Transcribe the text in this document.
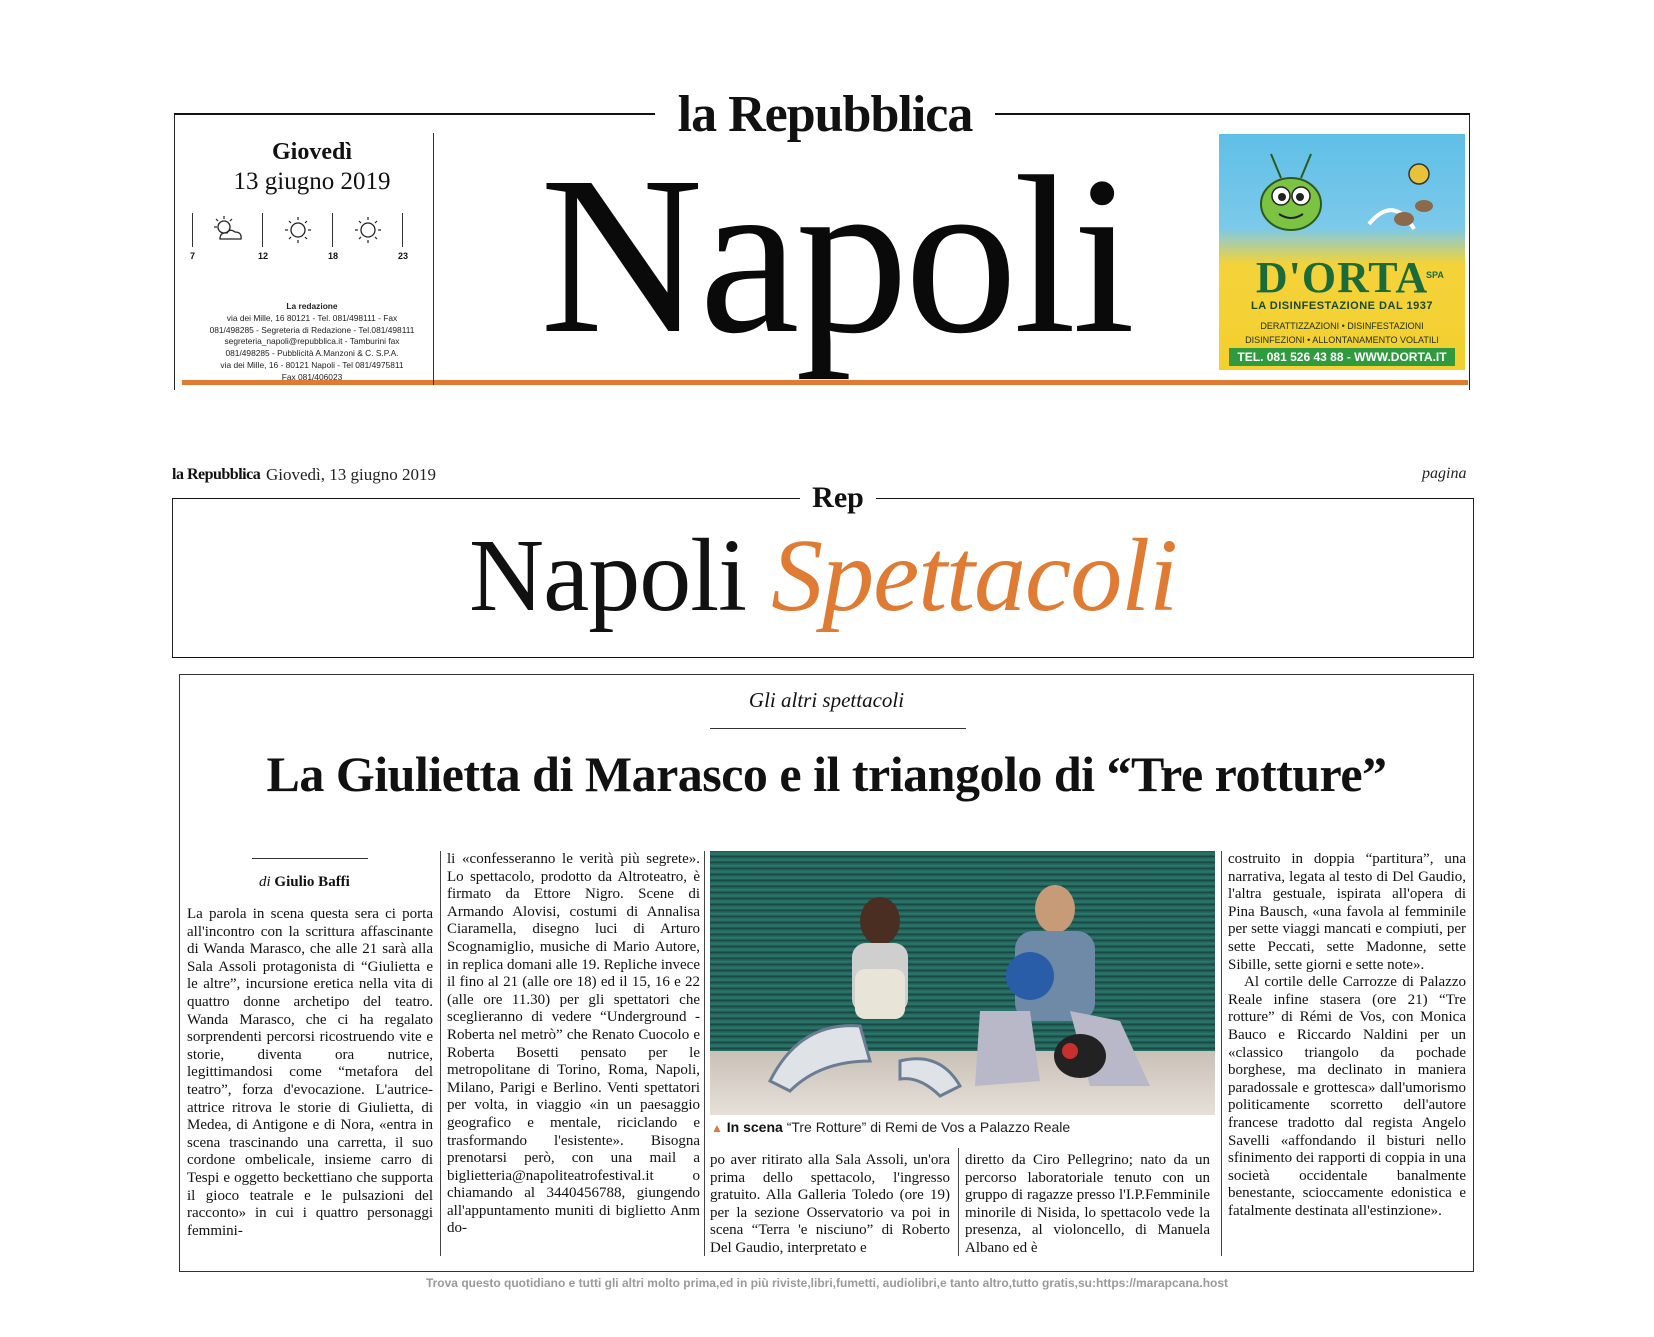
la Repubblica
Napoli
Giovedì
13 giugno 2019
7	12	18	23
La redazione
via dei Mille, 16 80121 - Tel. 081/498111 - Fax
081/498285 - Segreteria di Redazione - Tel.081/498111
segreteria_napoli@repubblica.it - Tamburini fax
081/498285 - Pubblicità A.Manzoni & C. S.P.A.
via dei Mille, 16 - 80121 Napoli - Tel 081/4975811
Fax 081/406023
D'ORTA
SPA
LA DISINFESTAZIONE DAL 1937
DERATTIZZAZIONI • DISINFESTAZIONI
DISINFEZIONI • ALLONTANAMENTO VOLATILI
TEL. 081 526 43 88 - WWW.DORTA.IT
la Repubblica Giovedì, 13 giugno 2019	pagina
Rep
Napoli Spettacoli
Gli altri spettacoli
La Giulietta di Marasco e il triangolo di “Tre rotture”
di Giulio Baffi

La parola in scena questa sera ci porta all'incontro con la scrittura affascinante di Wanda Marasco, che alle 21 sarà alla Sala Assoli protagonista di “Giulietta e le altre”, incursione eretica nella vita di quattro donne archetipo del teatro. Wanda Marasco, che ci ha regalato sorprendenti percorsi ricostruendo vite e storie, diventa ora nutrice, legittimandosi come “metafora del teatro”, forza d'evocazione. L'autrice-attrice ritrova le storie di Giulietta, di Medea, di Antigone e di Nora, «entra in scena trascinando una carretta, il suo cordone ombelicale, insieme carro di Tespi e oggetto beckettiano che supporta il gioco teatrale e le pulsazioni del racconto» in cui i quattro personaggi femmini-

li «confesseranno le verità più segrete». Lo spettacolo, prodotto da Altroteatro, è firmato da Ettore Nigro. Scene di Armando Alovisi, costumi di Annalisa Ciaramella, disegno luci di Arturo Scognamiglio, musiche di Mario Autore, in replica domani alle 19. Repliche invece il fino al 21 (alle ore 18) ed il 15, 16 e 22 (alle ore 11.30) per gli spettatori che sceglieranno di vedere “Underground - Roberta nel metrò” che Renato Cuocolo e Roberta Bosetti pensato per le metropolitane di Torino, Roma, Napoli, Milano, Parigi e Berlino. Venti spettatori per volta, in viaggio «in un paesaggio geografico e mentale, riciclando e trasformando l'esistente». Bisogna prenotarsi però, con una mail a biglietteria@napoliteatrofestival.it o chiamando al 3440456788, giungendo all'appuntamento muniti di biglietto Anm do-

▲ In scena “Tre Rotture” di Remi de Vos a Palazzo Reale

po aver ritirato alla Sala Assoli, un'ora prima dello spettacolo, l'ingresso gratuito. Alla Galleria Toledo (ore 19) per la sezione Osservatorio va poi in scena “Terra 'e nisciuno” di Roberto Del Gaudio, interpretato e

diretto da Ciro Pellegrino; nato da un percorso laboratoriale tenuto con un gruppo di ragazze presso l'I.P.Femminile minorile di Nisida, lo spettacolo vede la presenza, al violoncello, di Manuela Albano ed è

costruito in doppia “partitura”, una narrativa, legata al testo di Del Gaudio, l'altra gestuale, ispirata all'opera di Pina Bausch, «una favola al femminile per sette viaggi mancati e compiuti, per sette Peccati, sette Madonne, sette Sibille, sette giorni e sette note».

Al cortile delle Carrozze di Palazzo Reale infine stasera (ore 21) “Tre rotture” di Rémi de Vos, con Monica Bauco e Riccardo Naldini per un «classico triangolo da pochade borghese, ma declinato in maniera paradossale e grottesca» dall'umorismo politicamente scorretto dell'autore francese tradotto dal regista Angelo Savelli «affondando il bisturi nello sfinimento dei rapporti di coppia in una società occidentale banalmente benestante, scioccamente edonistica e fatalmente destinata all'estinzione».

Trova questo quotidiano e tutti gli altri molto prima,ed in più riviste,libri,fumetti, audiolibri,e tanto altro,tutto gratis,su:https://marapcana.host
